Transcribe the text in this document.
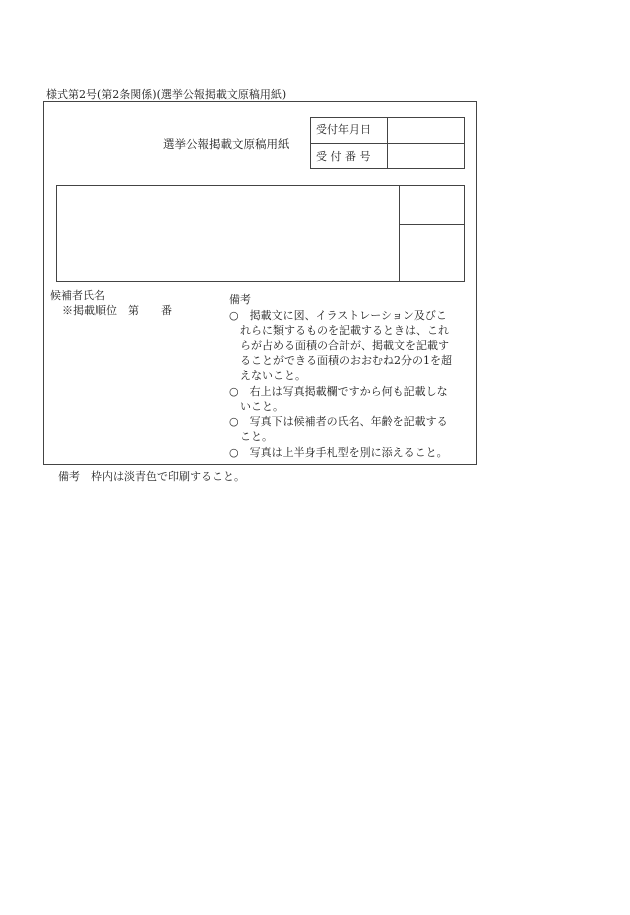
様式第2号(第2条関係)(選挙公報掲載文原稿用紙)
選挙公報掲載文原稿用紙
受付年月日
受 付 番 号
候補者氏名
※掲載順位　第　　番
備考
○　掲載文に図、イラストレーション及びこ
　れらに類するものを記載するときは、これ
　らが占める面積の合計が、掲載文を記載す
　ることができる面積のおおむね2分の1を超
　えないこと。
○　右上は写真掲載欄ですから何も記載しな
　いこと。
○　写真下は候補者の氏名、年齢を記載する
　こと。
○　写真は上半身手札型を別に添えること。
備考　枠内は淡青色で印刷すること。
